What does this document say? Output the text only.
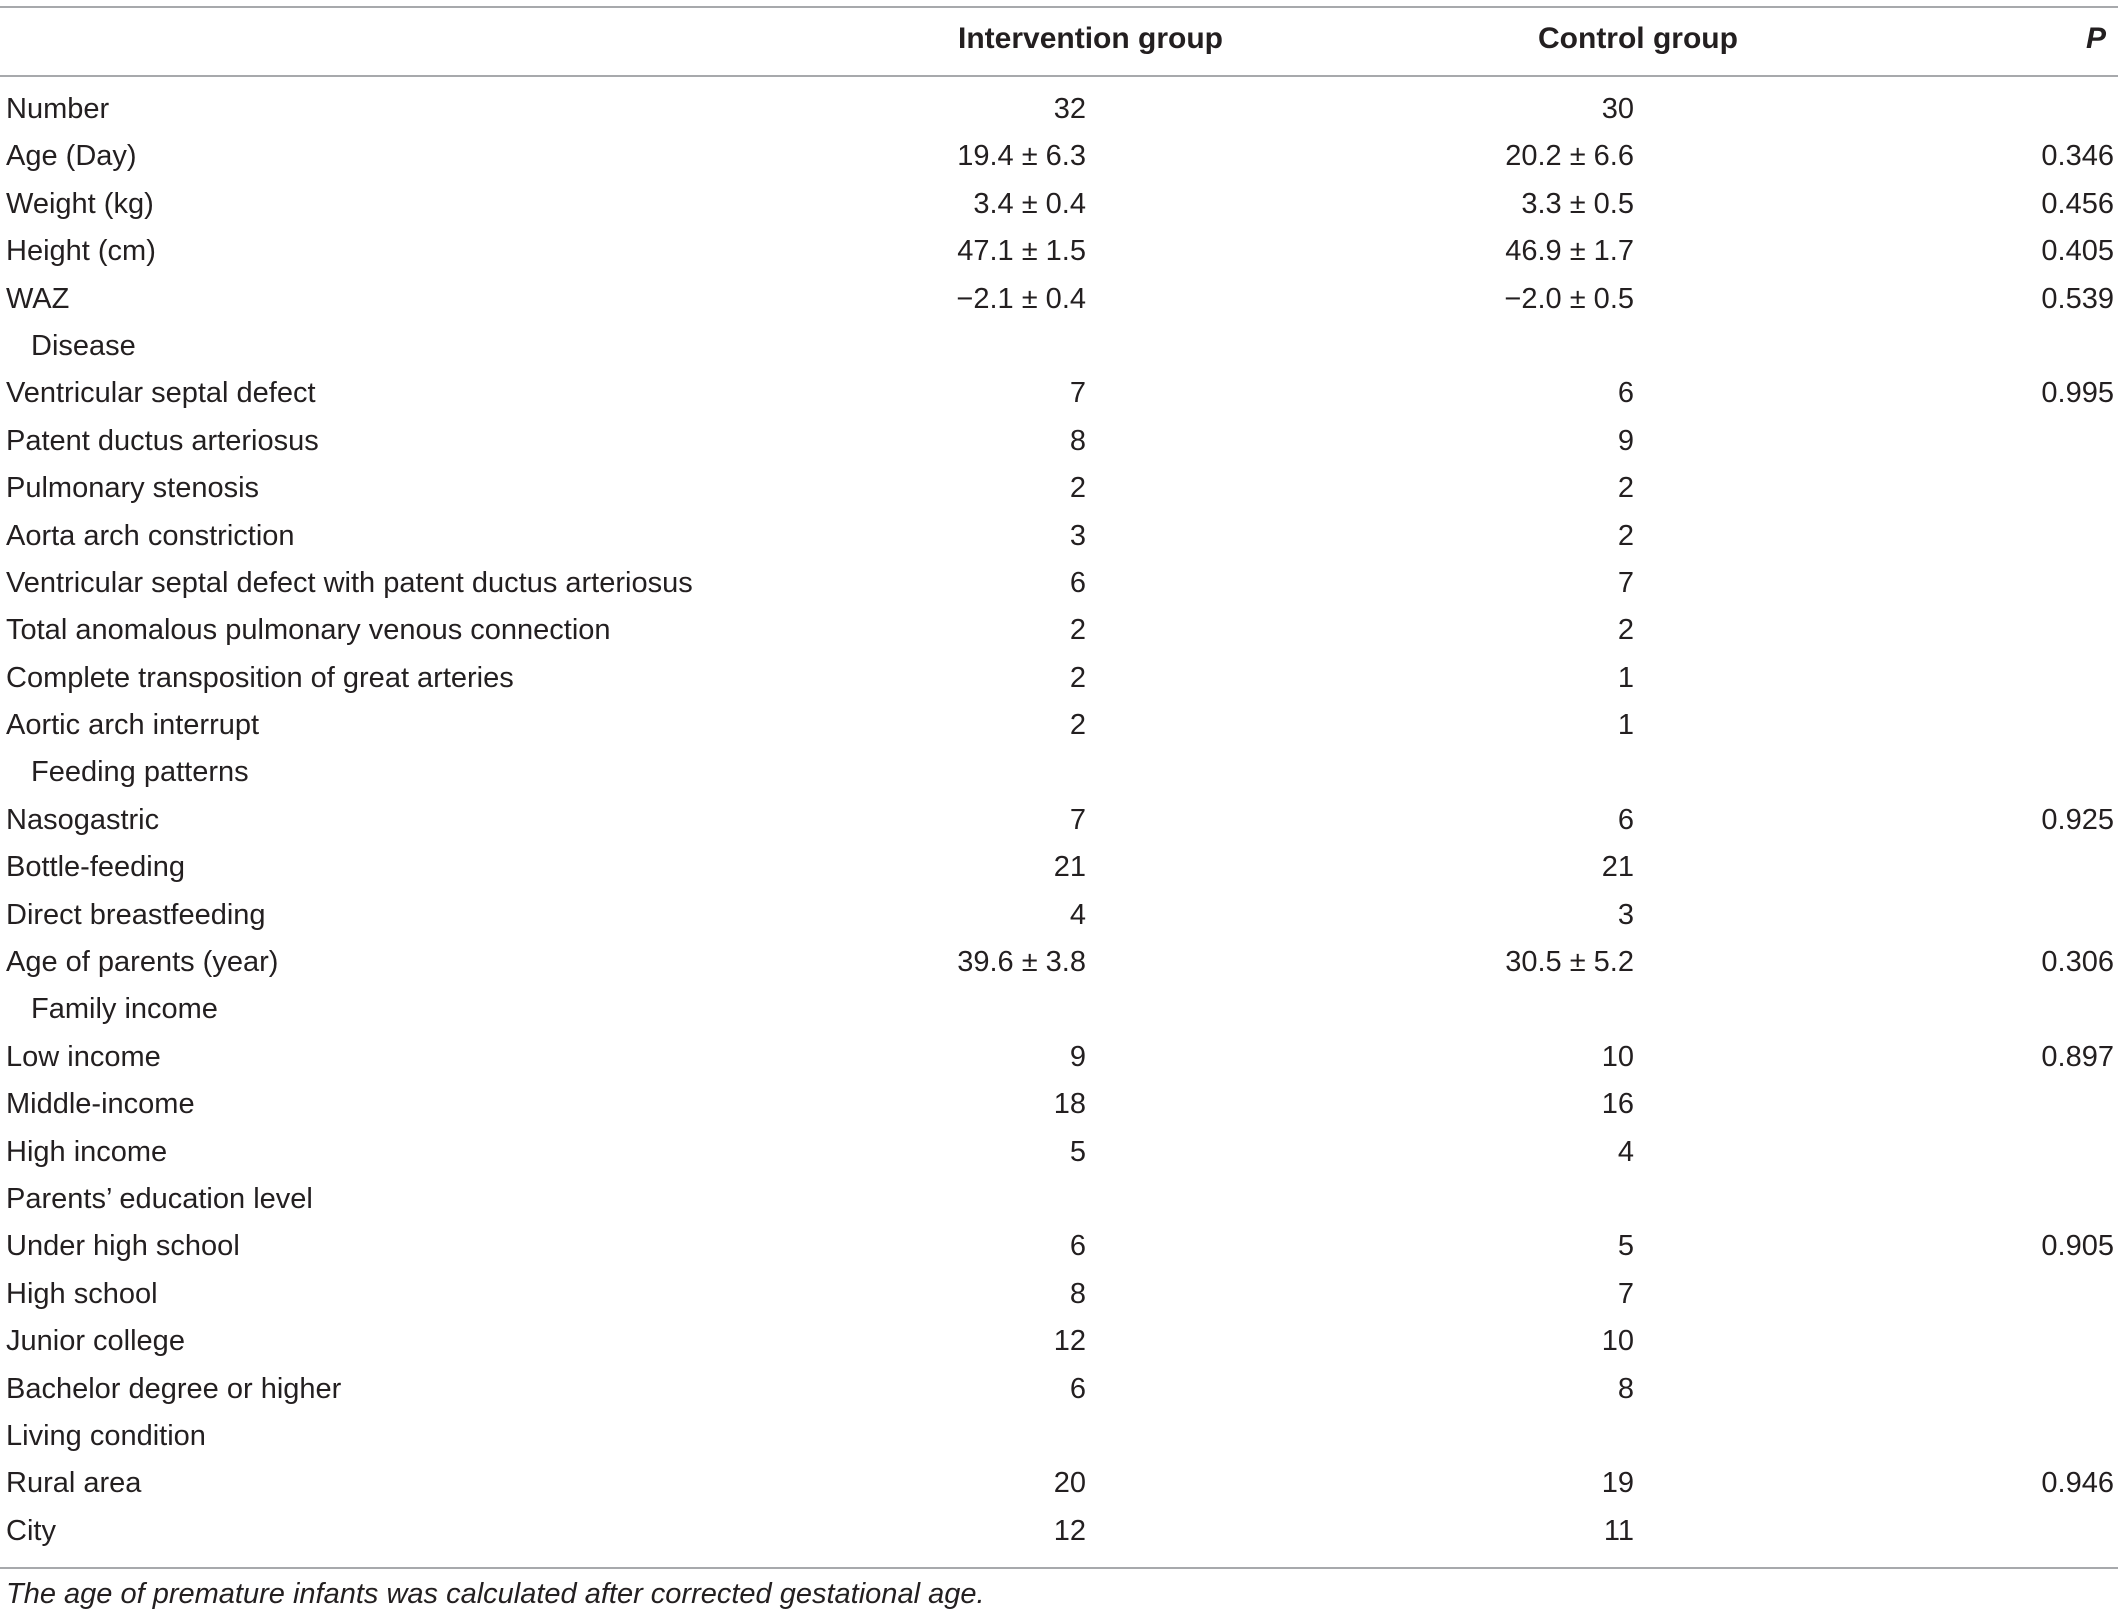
Intervention group	Control group	P
Number	32	30
Age (Day)	19.4 ± 6.3	20.2 ± 6.6	0.346
Weight (kg)	3.4 ± 0.4	3.3 ± 0.5	0.456
Height (cm)	47.1 ± 1.5	46.9 ± 1.7	0.405
WAZ	−2.1 ± 0.4	−2.0 ± 0.5	0.539
Disease
Ventricular septal defect	7	6	0.995
Patent ductus arteriosus	8	9
Pulmonary stenosis	2	2
Aorta arch constriction	3	2
Ventricular septal defect with patent ductus arteriosus	6	7
Total anomalous pulmonary venous connection	2	2
Complete transposition of great arteries	2	1
Aortic arch interrupt	2	1
Feeding patterns
Nasogastric	7	6	0.925
Bottle-feeding	21	21
Direct breastfeeding	4	3
Age of parents (year)	39.6 ± 3.8	30.5 ± 5.2	0.306
Family income
Low income	9	10	0.897
Middle-income	18	16
High income	5	4
Parents’ education level
Under high school	6	5	0.905
High school	8	7
Junior college	12	10
Bachelor degree or higher	6	8
Living condition
Rural area	20	19	0.946
City	12	11
The age of premature infants was calculated after corrected gestational age.
